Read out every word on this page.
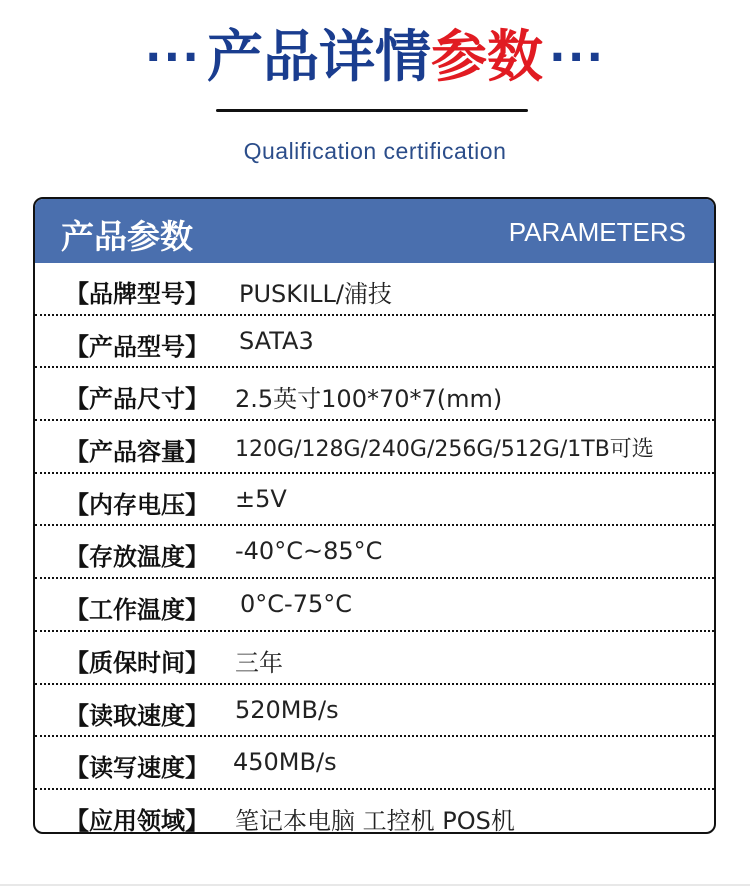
··· 产品详情 参数 ···
Qualification certification
产品参数	PARAMETERS
【品牌型号】 PUSKILL/浦技
【产品型号】 SATA3
【产品尺寸】 2.5英寸100*70*7(mm)
【产品容量】 120G/128G/240G/256G/512G/1TB可选
【内存电压】 ±5V
【存放温度】 -40°C~85°C
【工作温度】 0°C-75°C
【质保时间】 三年
【读取速度】 520MB/s
【读写速度】 450MB/s
【应用领域】 笔记本电脑 工控机 POS机
